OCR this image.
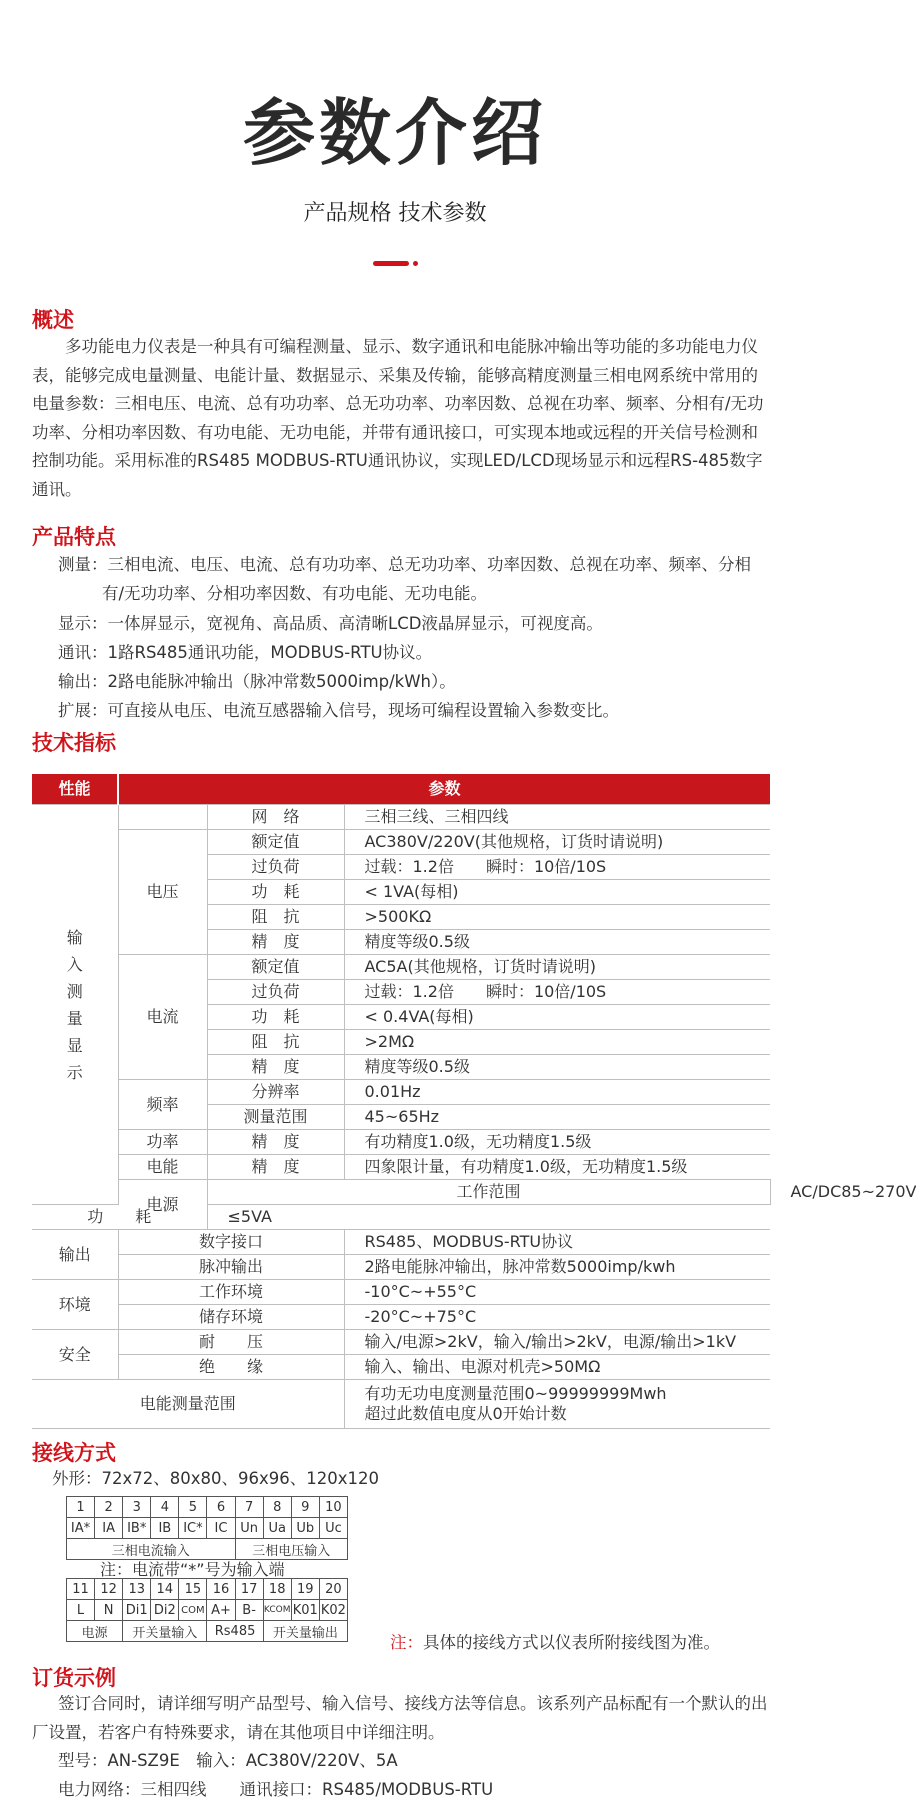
参数介绍
产品规格 技术参数
概述
多功能电力仪表是一种具有可编程测量、显示、数字通讯和电能脉冲输出等功能的多功能电力仪表，能够完成电量测量、电能计量、数据显示、采集及传输，能够高精度测量三相电网系统中常用的电量参数：三相电压、电流、总有功功率、总无功功率、功率因数、总视在功率、频率、分相有/无功功率、分相功率因数、有功电能、无功电能，并带有通讯接口，可实现本地或远程的开关信号检测和控制功能。采用标准的RS485 MODBUS-RTU通讯协议，实现LED/LCD现场显示和远程RS-485数字通讯。
产品特点
测量：三相电流、电压、电流、总有功功率、总无功功率、功率因数、总视在功率、频率、分相有/无功功率、分相功率因数、有功电能、无功电能。
显示：一体屏显示，宽视角、高品质、高清晰LCD液晶屏显示，可视度高。
通讯：1路RS485通讯功能，MODBUS-RTU协议。
输出：2路电能脉冲输出（脉冲常数5000imp/kWh）。
扩展：可直接从电压、电流互感器输入信号，现场可编程设置输入参数变比。
技术指标
性能	参数			

输入测量显示		网　络	三相三线、三相四线	
	电压	额定值	AC380V/220V(其他规格，订货时请说明)	
		过负荷	过载：1.2倍　　瞬时：10倍/10S	
		功　耗	< 1VA(每相)	
		阻　抗	>500KΩ	
		精　度	精度等级0.5级	
	电流	额定值	AC5A(其他规格，订货时请说明)	
		过负荷	过载：1.2倍　　瞬时：10倍/10S	
		功　耗	< 0.4VA(每相)	
		阻　抗	>2MΩ	
		精　度	精度等级0.5级	
	频率	分辨率	0.01Hz	
		测量范围	45~65Hz	
	功率	精　度	有功精度1.0级，无功精度1.5级	
	电能	精　度	四象限计量，有功精度1.0级，无功精度1.5级	
	电源	工作范围		AC/DC85~270V
功　　耗		≤5VA		
输出	数字接口		RS485、MODBUS-RTU协议	
	脉冲输出		2路电能脉冲输出，脉冲常数5000imp/kwh	
环境	工作环境		-10°C~+55°C	
	储存环境		-20°C~+75°C	
安全	耐　　压		输入/电源>2kV，输入/输出>2kV，电源/输出>1kV	
	绝　　缘		输入、输出、电源对机壳>50MΩ	
电能测量范围			有功无功电度测量范围0~99999999Mwh
超过此数值电度从0开始计数	
接线方式
外形：72x72、80x80、96x96、120x120
1	2	3	4	5	6	7	8	9	10
IA*	IA	IB*	IB	IC*	IC	Un	Ua	Ub	Uc
三相电流输入						三相电压输入			
注：电流带“*”号为输入端
11	12	13	14	15	16	17	18	19	20
L	N	Di1	Di2	COM	A+	B-	KCOM	K01	K02
电源		开关量输入			Rs485		开关量输出			注：具体的接线方式以仪表所附接线图为准。
订货示例
签订合同时，请详细写明产品型号、输入信号、接线方法等信息。该系列产品标配有一个默认的出厂设置，若客户有特殊要求，请在其他项目中详细注明。
型号：AN-SZ9E　输入：AC380V/220V、5A
电力网络：三相四线　　通讯接口：RS485/MODBUS-RTU
